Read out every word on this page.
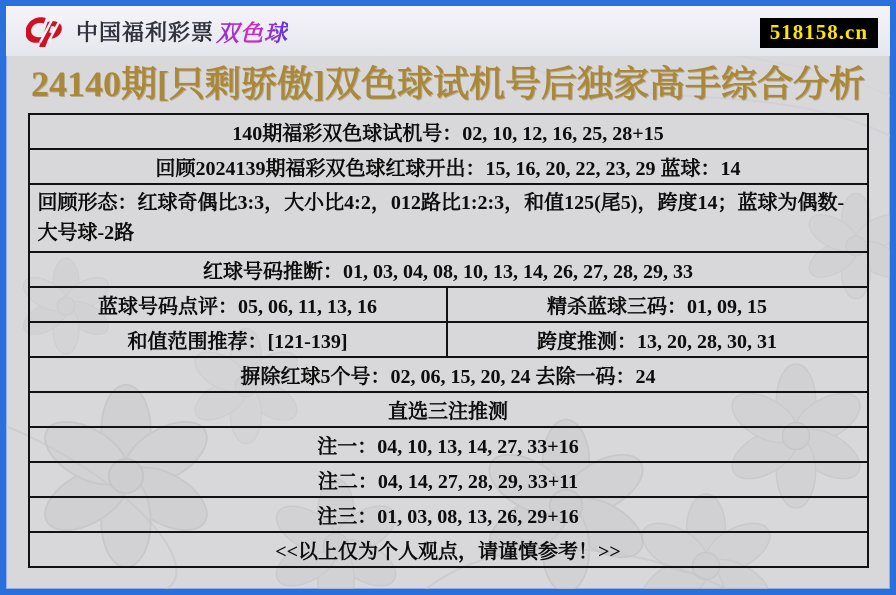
中国福利彩票 双色球	518158.cn
24140期[只剩骄傲]双色球试机号后独家高手综合分析
140期福彩双色球试机号：02, 10, 12, 16, 25, 28+15
回顾2024139期福彩双色球红球开出：15, 16, 20, 22, 23, 29 蓝球：14
回顾形态：红球奇偶比3:3，大小比4:2，012路比1:2:3，和值125(尾5)，跨度14；蓝球为偶数-大号球-2路
红球号码推断：01, 03, 04, 08, 10, 13, 14, 26, 27, 28, 29, 33
蓝球号码点评：05, 06, 11, 13, 16	精杀蓝球三码：01, 09, 15
和值范围推荐：[121-139]	跨度推测：13, 20, 28, 30, 31
摒除红球5个号：02, 06, 15, 20, 24 去除一码：24
直选三注推测
注一：04, 10, 13, 14, 27, 33+16
注二：04, 14, 27, 28, 29, 33+11
注三：01, 03, 08, 13, 26, 29+16
<<以上仅为个人观点，请谨慎参考！>>
